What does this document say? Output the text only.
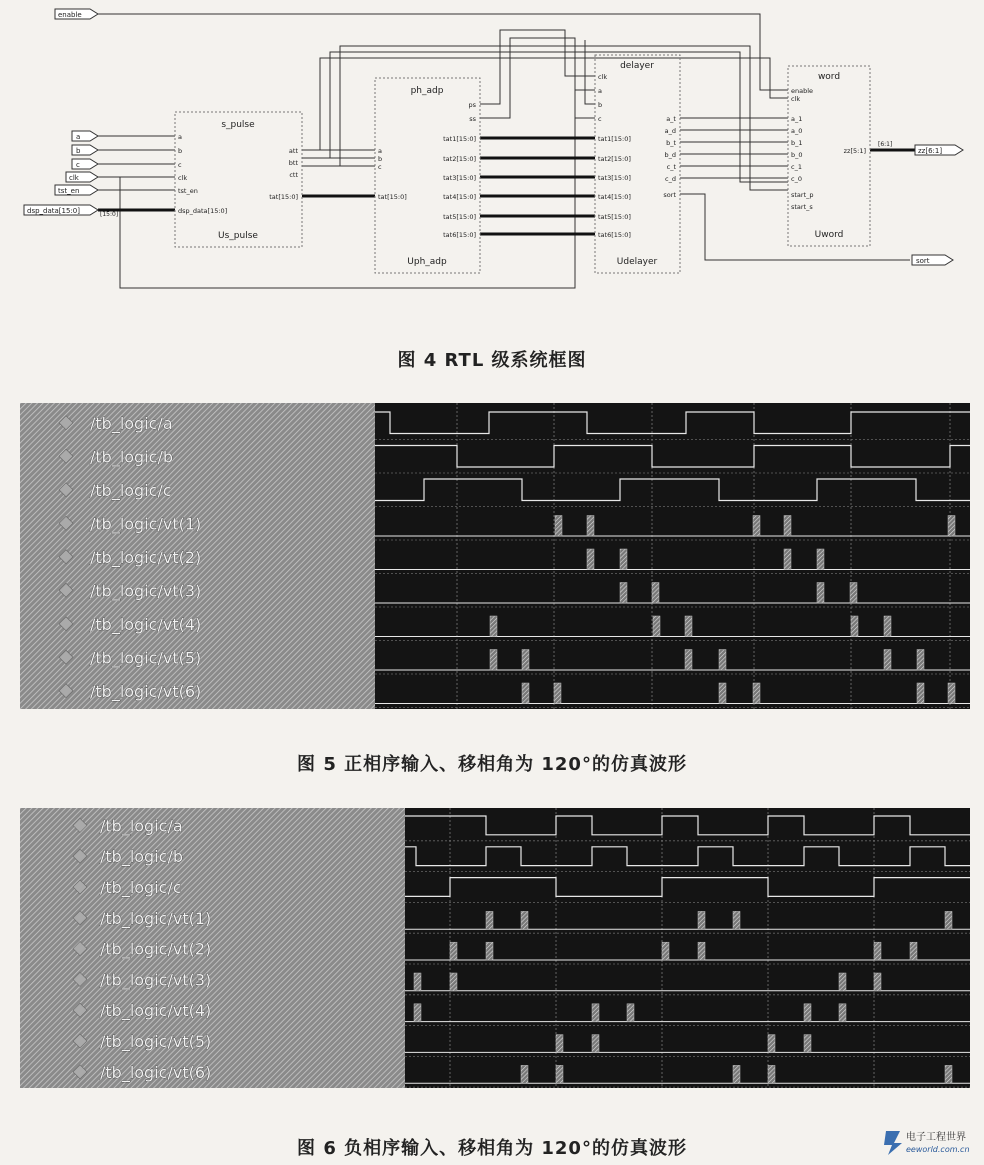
enable
a
b
c
clk
tst_en
dsp_data[15:0]	[15:0]
s_pulse
Us_pulse
a
b
c
clk
tst_en
dsp_data[15:0]
att
btt
ctt
tat[15:0]
ph_adp
Uph_adp
a
b
c
tat[15:0]
ps
ss
tat1[15:0]
tat2[15:0]
tat3[15:0]
tat4[15:0]
tat5[15:0]
tat6[15:0]
delayer
Udelayer
clk
a
b
c
tat1[15:0]
tat2[15:0]
tat3[15:0]
tat4[15:0]
tat5[15:0]
tat6[15:0]
a_t
a_d
b_t
b_d
c_t
c_d
sort
word
Uword
enable
clk
a_1
a_0
b_1
b_0
c_1
c_0
start_p
start_s
zz[5:1]	zz[6:1]
[6:1]
sort
图 4 RTL 级系统框图
/tb_logic/a
/tb_logic/b
/tb_logic/c
/tb_logic/vt(1)
/tb_logic/vt(2)
/tb_logic/vt(3)
/tb_logic/vt(4)
/tb_logic/vt(5)
/tb_logic/vt(6)
图 5 正相序输入、移相角为 120°的仿真波形
/tb_logic/a
/tb_logic/b
/tb_logic/c
/tb_logic/vt(1)
/tb_logic/vt(2)
/tb_logic/vt(3)
/tb_logic/vt(4)
/tb_logic/vt(5)
/tb_logic/vt(6)
图 6 负相序输入、移相角为 120°的仿真波形
电子工程世界
eeworld.com.cn
